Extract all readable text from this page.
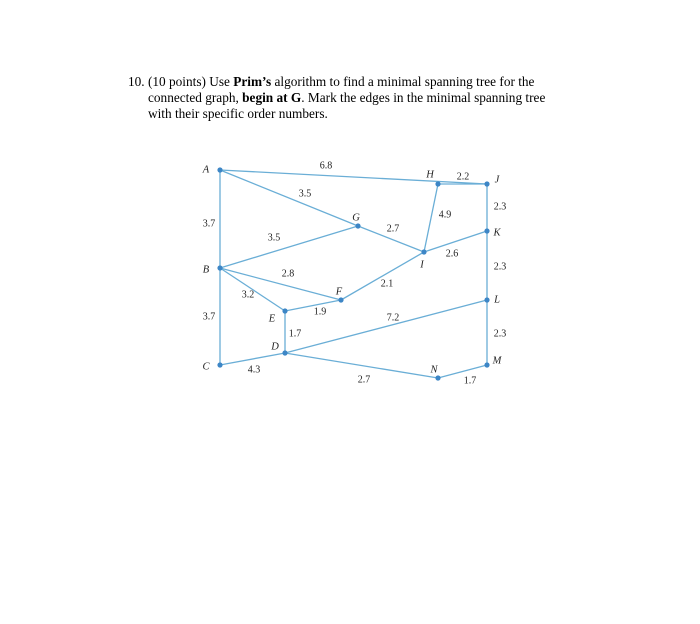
10. (10 points) Use Prim’s algorithm to find a minimal spanning tree for the
connected graph, begin at G. Mark the edges in the minimal spanning tree
with their specific order numbers.
6.8
3.5
3.7
3.5
2.8
3.2
3.7	1.9
1.7
4.3
7.2
2.7
2.7
2.1
4.9
2.2
2.6
2.3
2.3
2.3
1.7
A
B
C
D
E
F
G
H
I
J
K
L
M
N
